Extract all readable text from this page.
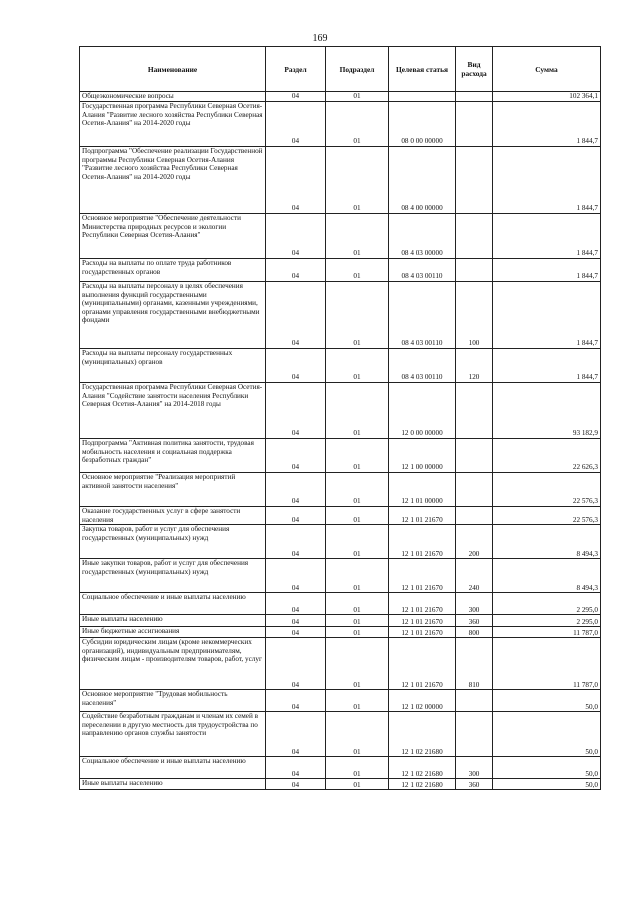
169
Наименование	Раздел	Подраздел	Целевая статья	Вид расхода	Сумма
Общеэкономические вопросы	04	01			102 364,1
Государственная программа Республики Северная Осетия-Алания "Развитие лесного хозяйства Республики Северная Осетия-Алания" на 2014-2020 годы	04	01	08 0 00 00000		1 844,7
Подпрограмма "Обеспечение реализации Государственной программы Республики Северная Осетия-Алания "Развитие лесного хозяйства Республики Северная Осетия-Алания" на 2014-2020 годы	04	01	08 4 00 00000		1 844,7
Основное мероприятие "Обеспечение деятельности Министерства природных ресурсов и экологии Республики Северная Осетия-Алания"	04	01	08 4 03 00000		1 844,7
Расходы на выплаты по оплате труда работников государственных органов	04	01	08 4 03 00110		1 844,7
Расходы на выплаты персоналу в целях обеспечения выполнения функций государственными (муниципальными) органами, казенными учреждениями, органами управления государственными внебюджетными фондами	04	01	08 4 03 00110	100	1 844,7
Расходы на выплаты персоналу государственных (муниципальных) органов	04	01	08 4 03 00110	120	1 844,7
Государственная программа Республики Северная Осетия-Алания "Содействие занятости населения Республики Северная Осетия-Алания" на 2014-2018 годы	04	01	12 0 00 00000		93 182,9
Подпрограмма "Активная политика занятости, трудовая мобильность населения и социальная поддержка безработных граждан"	04	01	12 1 00 00000		22 626,3
Основное мероприятие "Реализация мероприятий активной занятости населения"	04	01	12 1 01 00000		22 576,3
Оказание государственных услуг в сфере занятости населения	04	01	12 1 01 21670		22 576,3
Закупка товаров, работ и услуг для обеспечения государственных (муниципальных) нужд	04	01	12 1 01 21670	200	8 494,3
Иные закупки товаров, работ и услуг для обеспечения государственных (муниципальных) нужд	04	01	12 1 01 21670	240	8 494,3
Социальное обеспечение и иные выплаты населению	04	01	12 1 01 21670	300	2 295,0
Иные выплаты населению	04	01	12 1 01 21670	360	2 295,0
Иные бюджетные ассигнования	04	01	12 1 01 21670	800	11 787,0
Субсидии юридическим лицам (кроме некоммерческих организаций), индивидуальным предпринимателям, физическим лицам - производителям товаров, работ, услуг	04	01	12 1 01 21670	810	11 787,0
Основное мероприятие "Трудовая мобильность населения"	04	01	12 1 02 00000		50,0
Содействие безработным гражданам и членам их семей в переселении в другую местность для трудоустройства по направлению органов службы занятости	04	01	12 1 02 21680		50,0
Социальное обеспечение и иные выплаты населению	04	01	12 1 02 21680	300	50,0
Иные выплаты населению	04	01	12 1 02 21680	360	50,0
